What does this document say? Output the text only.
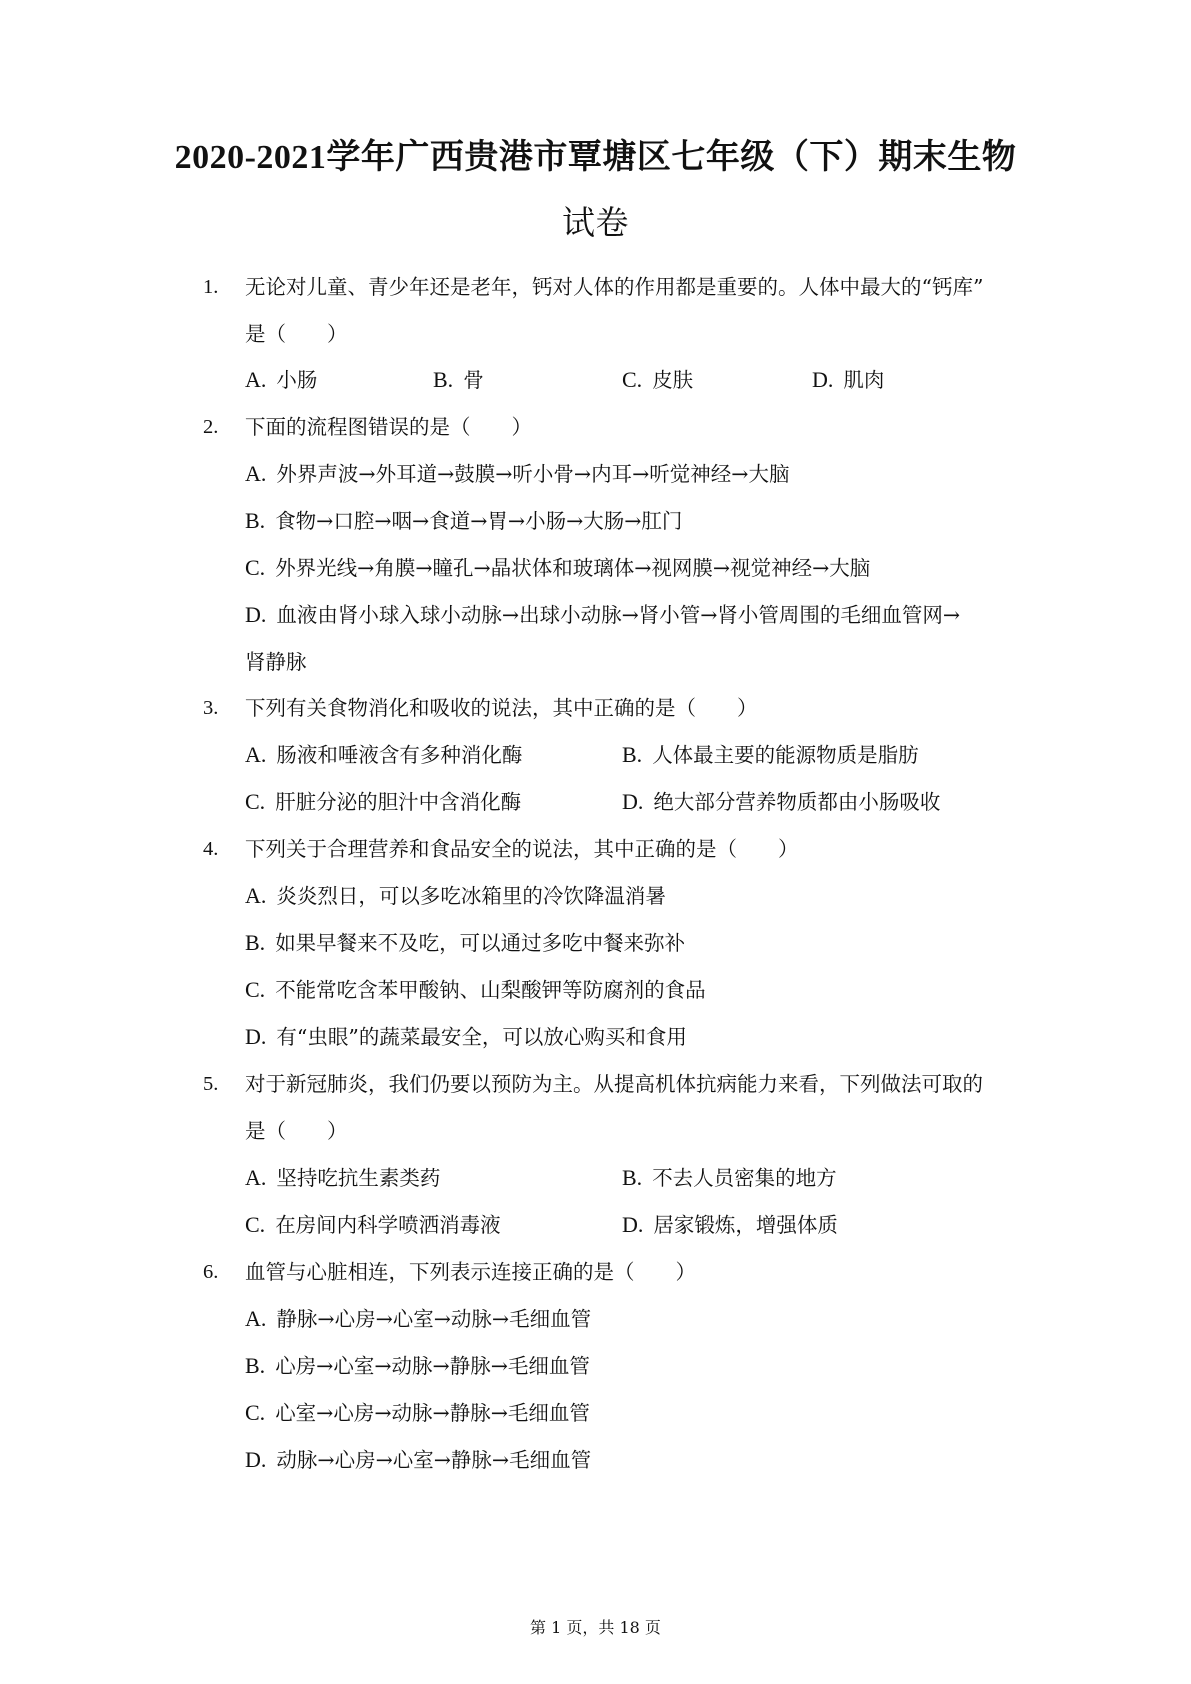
2020-2021学年广西贵港市覃塘区七年级（下）期末生物
试卷
1. 无论对儿童、青少年还是老年，钙对人体的作用都是重要的。人体中最大的“钙库”
是（　　）
A. 小肠	B. 骨	C. 皮肤	D. 肌肉
2. 下面的流程图错误的是（　　）
A. 外界声波→外耳道→鼓膜→听小骨→内耳→听觉神经→大脑
B. 食物→口腔→咽→食道→胃→小肠→大肠→肛门
C. 外界光线→角膜→瞳孔→晶状体和玻璃体→视网膜→视觉神经→大脑
D. 血液由肾小球入球小动脉→出球小动脉→肾小管→肾小管周围的毛细血管网→
肾静脉
3. 下列有关食物消化和吸收的说法，其中正确的是（　　）
A. 肠液和唾液含有多种消化酶	B. 人体最主要的能源物质是脂肪
C. 肝脏分泌的胆汁中含消化酶	D. 绝大部分营养物质都由小肠吸收
4. 下列关于合理营养和食品安全的说法，其中正确的是（　　）
A. 炎炎烈日，可以多吃冰箱里的冷饮降温消暑
B. 如果早餐来不及吃，可以通过多吃中餐来弥补
C. 不能常吃含苯甲酸钠、山梨酸钾等防腐剂的食品
D. 有“虫眼”的蔬菜最安全，可以放心购买和食用
5. 对于新冠肺炎，我们仍要以预防为主。从提高机体抗病能力来看，下列做法可取的
是（　　）
A. 坚持吃抗生素类药	B. 不去人员密集的地方
C. 在房间内科学喷洒消毒液	D. 居家锻炼，增强体质
6. 血管与心脏相连，下列表示连接正确的是（　　）
A. 静脉→心房→心室→动脉→毛细血管
B. 心房→心室→动脉→静脉→毛细血管
C. 心室→心房→动脉→静脉→毛细血管
D. 动脉→心房→心室→静脉→毛细血管
第 1 页，共 18 页
